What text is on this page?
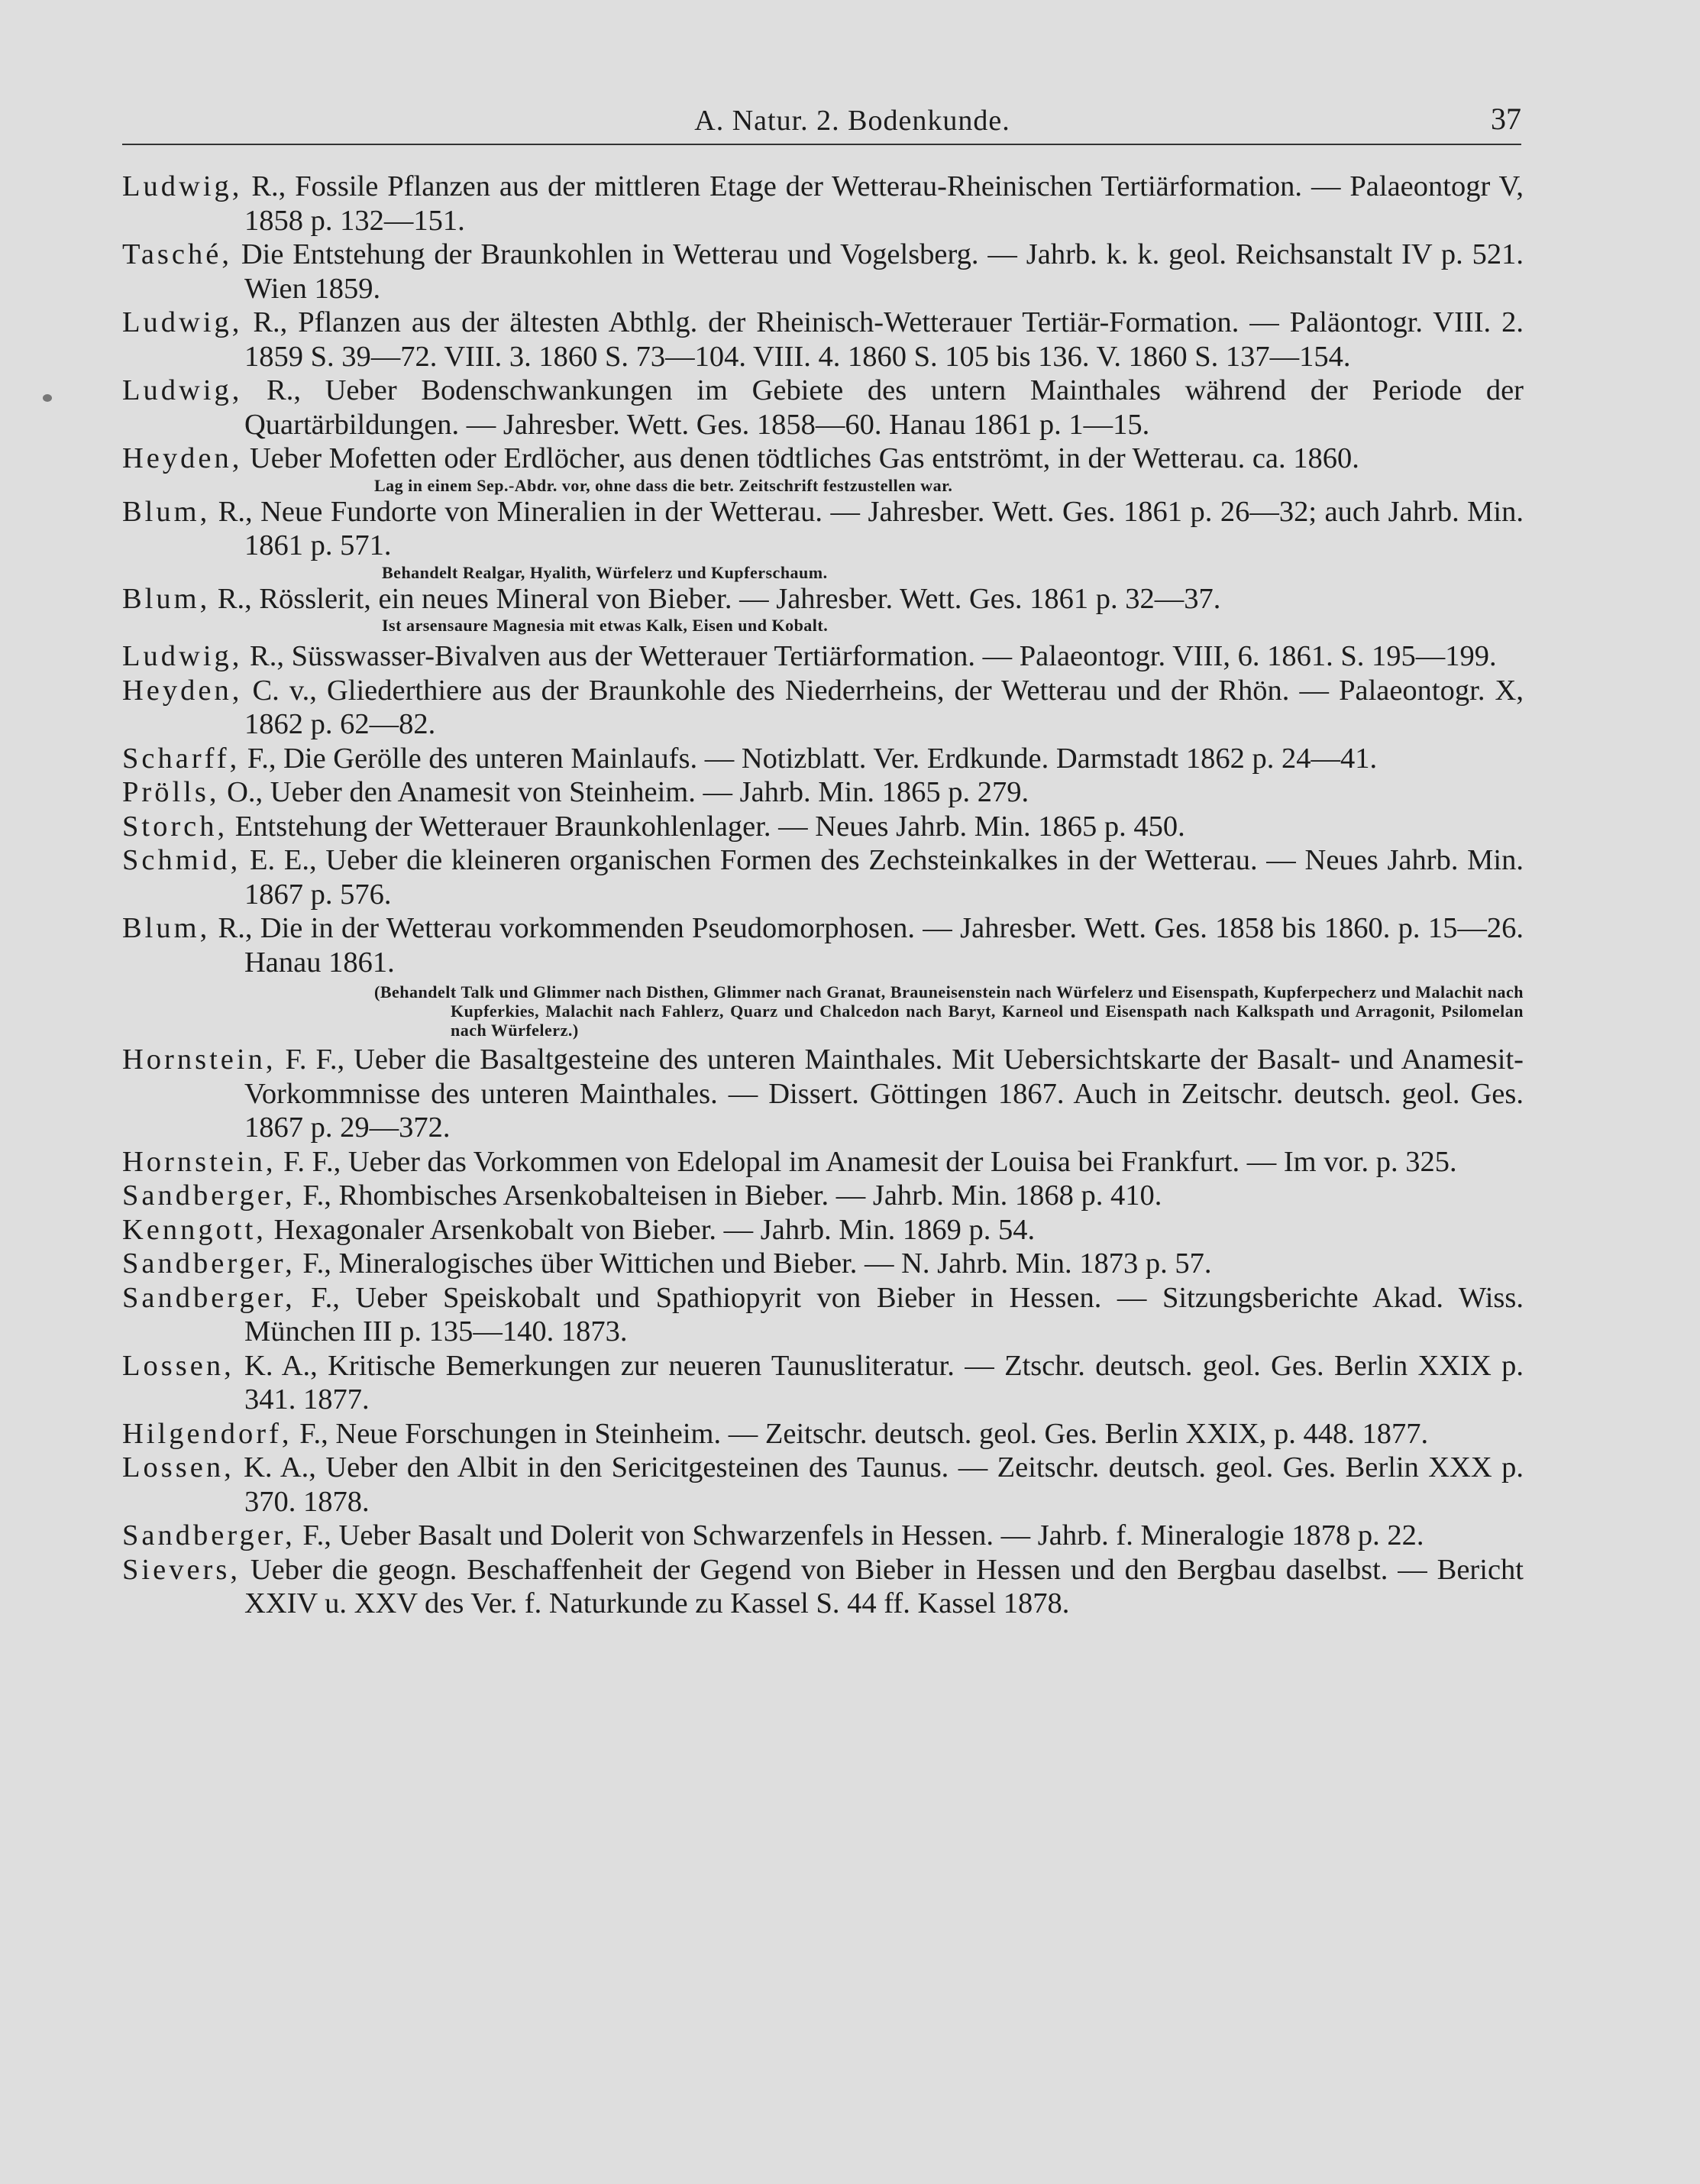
A. Natur. 2. Bodenkunde.	37
Ludwig, R., Fossile Pflanzen aus der mittleren Etage der Wetterau-Rheinischen Tertiärformation. — Palaeontogr V, 1858 p. 132—151.
Tasché, Die Entstehung der Braunkohlen in Wetterau und Vogelsberg. — Jahrb. k. k. geol. Reichsanstalt IV p. 521. Wien 1859.
Ludwig, R., Pflanzen aus der ältesten Abthlg. der Rheinisch-Wetterauer Tertiär-Formation. — Paläontogr. VIII. 2. 1859 S. 39—72. VIII. 3. 1860 S. 73—104. VIII. 4. 1860 S. 105 bis 136. V. 1860 S. 137—154.
Ludwig, R., Ueber Bodenschwankungen im Gebiete des untern Mainthales während der Periode der Quartärbildungen. — Jahresber. Wett. Ges. 1858—60. Hanau 1861 p. 1—15.
Heyden, Ueber Mofetten oder Erdlöcher, aus denen tödtliches Gas entströmt, in der Wetterau. ca. 1860.
Lag in einem Sep.-Abdr. vor, ohne dass die betr. Zeitschrift festzustellen war.
Blum, R., Neue Fundorte von Mineralien in der Wetterau. — Jahresber. Wett. Ges. 1861 p. 26—32; auch Jahrb. Min. 1861 p. 571.
Behandelt Realgar, Hyalith, Würfelerz und Kupferschaum.
Blum, R., Rösslerit, ein neues Mineral von Bieber. — Jahresber. Wett. Ges. 1861 p. 32—37.
Ist arsensaure Magnesia mit etwas Kalk, Eisen und Kobalt.
Ludwig, R., Süsswasser-Bivalven aus der Wetterauer Tertiärformation. — Palaeontogr. VIII, 6. 1861. S. 195—199.
Heyden, C. v., Gliederthiere aus der Braunkohle des Niederrheins, der Wetterau und der Rhön. — Palaeontogr. X, 1862 p. 62—82.
Scharff, F., Die Gerölle des unteren Mainlaufs. — Notizblatt. Ver. Erdkunde. Darmstadt 1862 p. 24—41.
Prölls, O., Ueber den Anamesit von Steinheim. — Jahrb. Min. 1865 p. 279.
Storch, Entstehung der Wetterauer Braunkohlenlager. — Neues Jahrb. Min. 1865 p. 450.
Schmid, E. E., Ueber die kleineren organischen Formen des Zechsteinkalkes in der Wetterau. — Neues Jahrb. Min. 1867 p. 576.
Blum, R., Die in der Wetterau vorkommenden Pseudomorphosen. — Jahresber. Wett. Ges. 1858 bis 1860. p. 15—26. Hanau 1861.
(Behandelt Talk und Glimmer nach Disthen, Glimmer nach Granat, Brauneisenstein nach Würfelerz und Eisenspath, Kupferpecherz und Malachit nach Kupferkies, Malachit nach Fahlerz, Quarz und Chalcedon nach Baryt, Karneol und Eisenspath nach Kalkspath und Arragonit, Psilomelan nach Würfelerz.)
Hornstein, F. F., Ueber die Basaltgesteine des unteren Mainthales. Mit Uebersichtskarte der Basalt- und Anamesit-Vorkommnisse des unteren Mainthales. — Dissert. Göttingen 1867. Auch in Zeitschr. deutsch. geol. Ges. 1867 p. 29—372.
Hornstein, F. F., Ueber das Vorkommen von Edelopal im Anamesit der Louisa bei Frankfurt. — Im vor. p. 325.
Sandberger, F., Rhombisches Arsenkobalteisen in Bieber. — Jahrb. Min. 1868 p. 410.
Kenngott, Hexagonaler Arsenkobalt von Bieber. — Jahrb. Min. 1869 p. 54.
Sandberger, F., Mineralogisches über Wittichen und Bieber. — N. Jahrb. Min. 1873 p. 57.
Sandberger, F., Ueber Speiskobalt und Spathiopyrit von Bieber in Hessen. — Sitzungsberichte Akad. Wiss. München III p. 135—140. 1873.
Lossen, K. A., Kritische Bemerkungen zur neueren Taunusliteratur. — Ztschr. deutsch. geol. Ges. Berlin XXIX p. 341. 1877.
Hilgendorf, F., Neue Forschungen in Steinheim. — Zeitschr. deutsch. geol. Ges. Berlin XXIX, p. 448. 1877.
Lossen, K. A., Ueber den Albit in den Sericitgesteinen des Taunus. — Zeitschr. deutsch. geol. Ges. Berlin XXX p. 370. 1878.
Sandberger, F., Ueber Basalt und Dolerit von Schwarzenfels in Hessen. — Jahrb. f. Mineralogie 1878 p. 22.
Sievers, Ueber die geogn. Beschaffenheit der Gegend von Bieber in Hessen und den Bergbau daselbst. — Bericht XXIV u. XXV des Ver. f. Naturkunde zu Kassel S. 44 ff. Kassel 1878.
